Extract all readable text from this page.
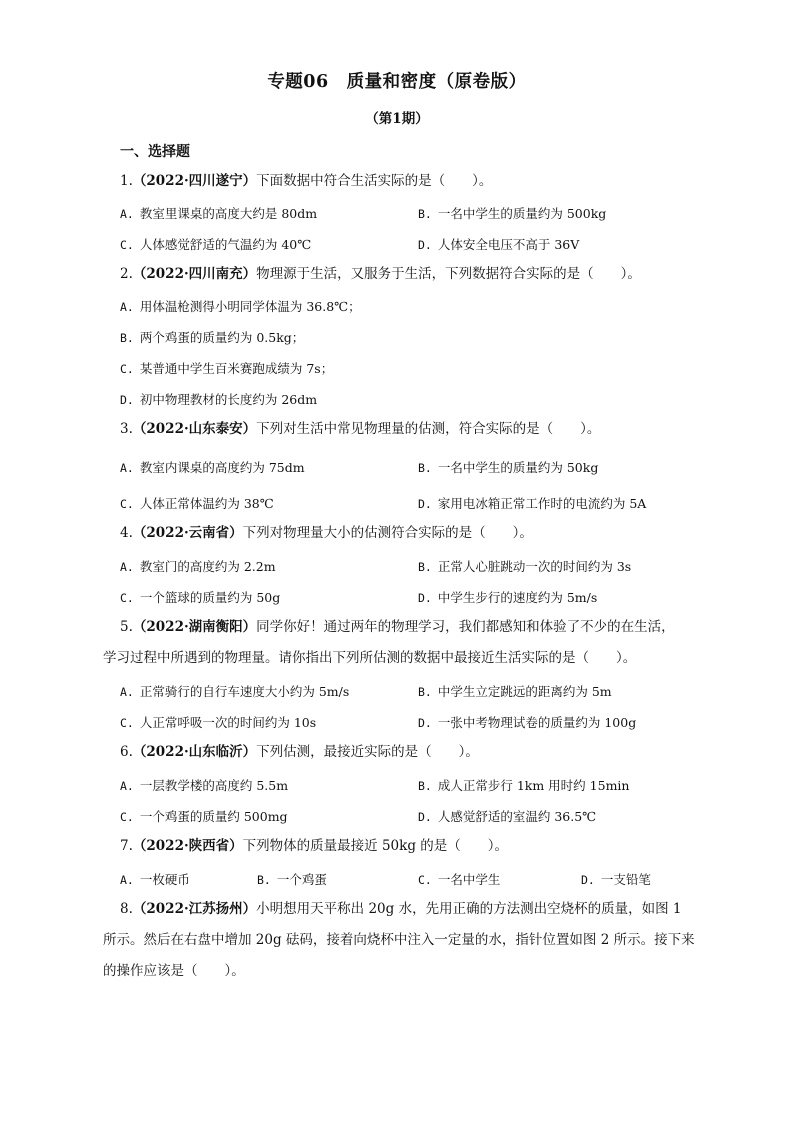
专题06　质量和密度（原卷版）
（第1期）
一、选择题
1.（2022·四川遂宁）下面数据中符合生活实际的是（　　）。
A. 教室里课桌的高度大约是 80dm	B. 一名中学生的质量约为 500kg
C. 人体感觉舒适的气温约为 40℃	D. 人体安全电压不高于 36V
2.（2022·四川南充）物理源于生活，又服务于生活，下列数据符合实际的是（　　）。
A. 用体温枪测得小明同学体温为 36.8℃；
B. 两个鸡蛋的质量约为 0.5kg；
C. 某普通中学生百米赛跑成绩为 7s；
D. 初中物理教材的长度约为 26dm
3.（2022·山东泰安）下列对生活中常见物理量的估测，符合实际的是（　　）。
A. 教室内课桌的高度约为 75dm	B. 一名中学生的质量约为 50kg
C. 人体正常体温约为 38℃	D. 家用电冰箱正常工作时的电流约为 5A
4.（2022·云南省）下列对物理量大小的估测符合实际的是（　　）。
A. 教室门的高度约为 2.2m	B. 正常人心脏跳动一次的时间约为 3s
C. 一个篮球的质量约为 50g	D. 中学生步行的速度约为 5m/s
5.（2022·湖南衡阳）同学你好！通过两年的物理学习，我们都感知和体验了不少的在生活，
学习过程中所遇到的物理量。请你指出下列所估测的数据中最接近生活实际的是（　　）。
A. 正常骑行的自行车速度大小约为 5m/s	B. 中学生立定跳远的距离约为 5m
C. 人正常呼吸一次的时间约为 10s	D. 一张中考物理试卷的质量约为 100g
6.（2022·山东临沂）下列估测，最接近实际的是（　　）。
A. 一层教学楼的高度约 5.5m	B. 成人正常步行 1km 用时约 15min
C. 一个鸡蛋的质量约 500mg	D. 人感觉舒适的室温约 36.5℃
7.（2022·陕西省）下列物体的质量最接近 50kg 的是（　　）。
A. 一枚硬币	B. 一个鸡蛋	C. 一名中学生	D. 一支铅笔
8.（2022·江苏扬州）小明想用天平称出 20g 水，先用正确的方法测出空烧杯的质量，如图 1
所示。然后在右盘中增加 20g 砝码，接着向烧杯中注入一定量的水，指针位置如图 2 所示。接下来
的操作应该是（　　）。
